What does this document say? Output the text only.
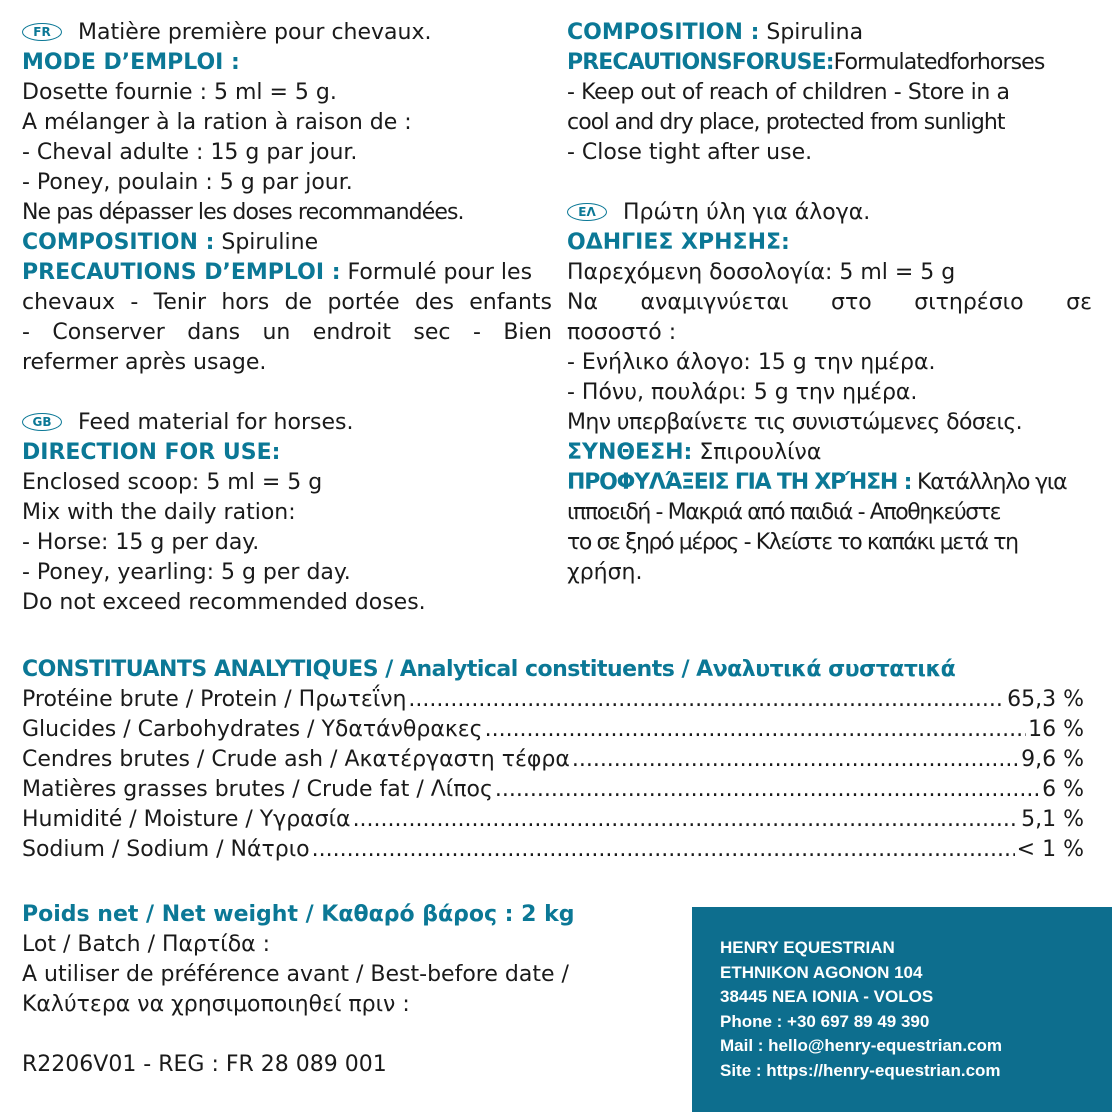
FR Matière première pour chevaux.
MODE D’EMPLOI :
Dosette fournie : 5 ml = 5 g.
A mélanger à la ration à raison de :
- Cheval adulte : 15 g par jour.
- Poney, poulain : 5 g par jour.
Ne pas dépasser les doses recommandées.
COMPOSITION : Spiruline
PRECAUTIONS D’EMPLOI : Formulé pour les
chevaux - Tenir hors de portée des enfants
- Conserver dans un endroit sec - Bien
refermer après usage.
GB Feed material for horses.
DIRECTION FOR USE:
Enclosed scoop: 5 ml = 5 g
Mix with the daily ration:
- Horse: 15 g per day.
- Poney, yearling: 5 g per day.
Do not exceed recommended doses.
COMPOSITION : Spirulina
PRECAUTIONSFORUSE:Formulatedforhorses
- Keep out of reach of children - Store in a
cool and dry place, protected from sunlight
- Close tight after use.
ΕΛ Πρώτη ύλη για άλογα.
ΟΔΗΓΙΕΣ ΧΡΗΣΗΣ:
Παρεχόμενη δοσολογία: 5 ml = 5 g
Να αναμιγνύεται στο σιτηρέσιο σε
ποσοστό :
- Ενήλικο άλογο: 15 g την ημέρα.
- Πόνυ, πουλάρι: 5 g την ημέρα.
Μην υπερβαίνετε τις συνιστώμενες δόσεις.
ΣΥΝΘΕΣΗ: Σπιρουλίνα
ΠΡΟΦΥΛΆΞΕΙΣ ΓΙΑ ΤΗ ΧΡΉΣΗ : Κατάλληλο για
ιπποειδή - Μακριά από παιδιά - Αποθηκεύστε
το σε ξηρό μέρος - Κλείστε το καπάκι μετά τη
χρήση.
CONSTITUANTS ANALYTIQUES / Analytical constituents / Αναλυτικά συστατικά
Protéine brute / Protein / Πρωτεΐνη .....	65,3 %
Glucides / Carbohydrates / Υδατάνθρακες .....	16 %
Cendres brutes / Crude ash / Ακατέργαστη τέφρα .....	9,6 %
Matières grasses brutes / Crude fat / Λίπος .....	6 %
Humidité / Moisture / Υγρασία .....	5,1 %
Sodium / Sodium / Νάτριο .....	< 1 %
Poids net / Net weight / Καθαρό βάρος : 2 kg
Lot / Batch / Παρτίδα :
A utiliser de préférence avant / Best-before date /
Καλύτερα να χρησιμοποιηθεί πριν :
R2206V01 - REG : FR 28 089 001
HENRY EQUESTRIAN
ETHNIKON AGONON 104
38445 NEA IONIA - VOLOS
Phone : +30 697 89 49 390
Mail : hello@henry-equestrian.com
Site : https://henry-equestrian.com
